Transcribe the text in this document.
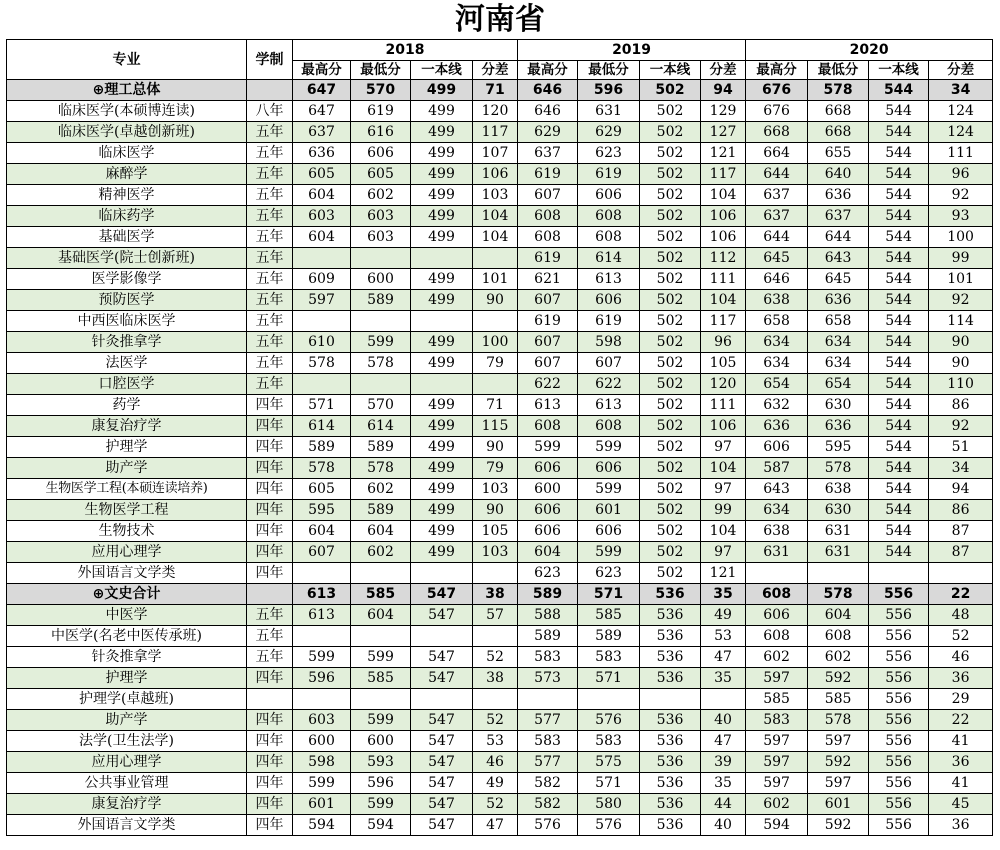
河南省
专业	学制	2018				2019				2020			
		最高分	最低分	一本线	分差	最高分	最低分	一本线	分差	最高分	最低分	一本线	分差
⊕理工总体		647	570	499	71	646	596	502	94	676	578	544	34
临床医学(本硕博连读)	八年	647	619	499	120	646	631	502	129	676	668	544	124
临床医学(卓越创新班)	五年	637	616	499	117	629	629	502	127	668	668	544	124
临床医学	五年	636	606	499	107	637	623	502	121	664	655	544	111
麻醉学	五年	605	605	499	106	619	619	502	117	644	640	544	96
精神医学	五年	604	602	499	103	607	606	502	104	637	636	544	92
临床药学	五年	603	603	499	104	608	608	502	106	637	637	544	93
基础医学	五年	604	603	499	104	608	608	502	106	644	644	544	100
基础医学(院士创新班)	五年					619	614	502	112	645	643	544	99
医学影像学	五年	609	600	499	101	621	613	502	111	646	645	544	101
预防医学	五年	597	589	499	90	607	606	502	104	638	636	544	92
中西医临床医学	五年					619	619	502	117	658	658	544	114
针灸推拿学	五年	610	599	499	100	607	598	502	96	634	634	544	90
法医学	五年	578	578	499	79	607	607	502	105	634	634	544	90
口腔医学	五年					622	622	502	120	654	654	544	110
药学	四年	571	570	499	71	613	613	502	111	632	630	544	86
康复治疗学	四年	614	614	499	115	608	608	502	106	636	636	544	92
护理学	四年	589	589	499	90	599	599	502	97	606	595	544	51
助产学	四年	578	578	499	79	606	606	502	104	587	578	544	34
生物医学工程(本硕连读培养)	四年	605	602	499	103	600	599	502	97	643	638	544	94
生物医学工程	四年	595	589	499	90	606	601	502	99	634	630	544	86
生物技术	四年	604	604	499	105	606	606	502	104	638	631	544	87
应用心理学	四年	607	602	499	103	604	599	502	97	631	631	544	87
外国语言文学类	四年					623	623	502	121				
⊕文史合计		613	585	547	38	589	571	536	35	608	578	556	22
中医学	五年	613	604	547	57	588	585	536	49	606	604	556	48
中医学(名老中医传承班)	五年					589	589	536	53	608	608	556	52
针灸推拿学	五年	599	599	547	52	583	583	536	47	602	602	556	46
护理学	四年	596	585	547	38	573	571	536	35	597	592	556	36
护理学(卓越班)										585	585	556	29
助产学	四年	603	599	547	52	577	576	536	40	583	578	556	22
法学(卫生法学)	四年	600	600	547	53	583	583	536	47	597	597	556	41
应用心理学	四年	598	593	547	46	577	575	536	39	597	592	556	36
公共事业管理	四年	599	596	547	49	582	571	536	35	597	597	556	41
康复治疗学	四年	601	599	547	52	582	580	536	44	602	601	556	45
外国语言文学类	四年	594	594	547	47	576	576	536	40	594	592	556	36
